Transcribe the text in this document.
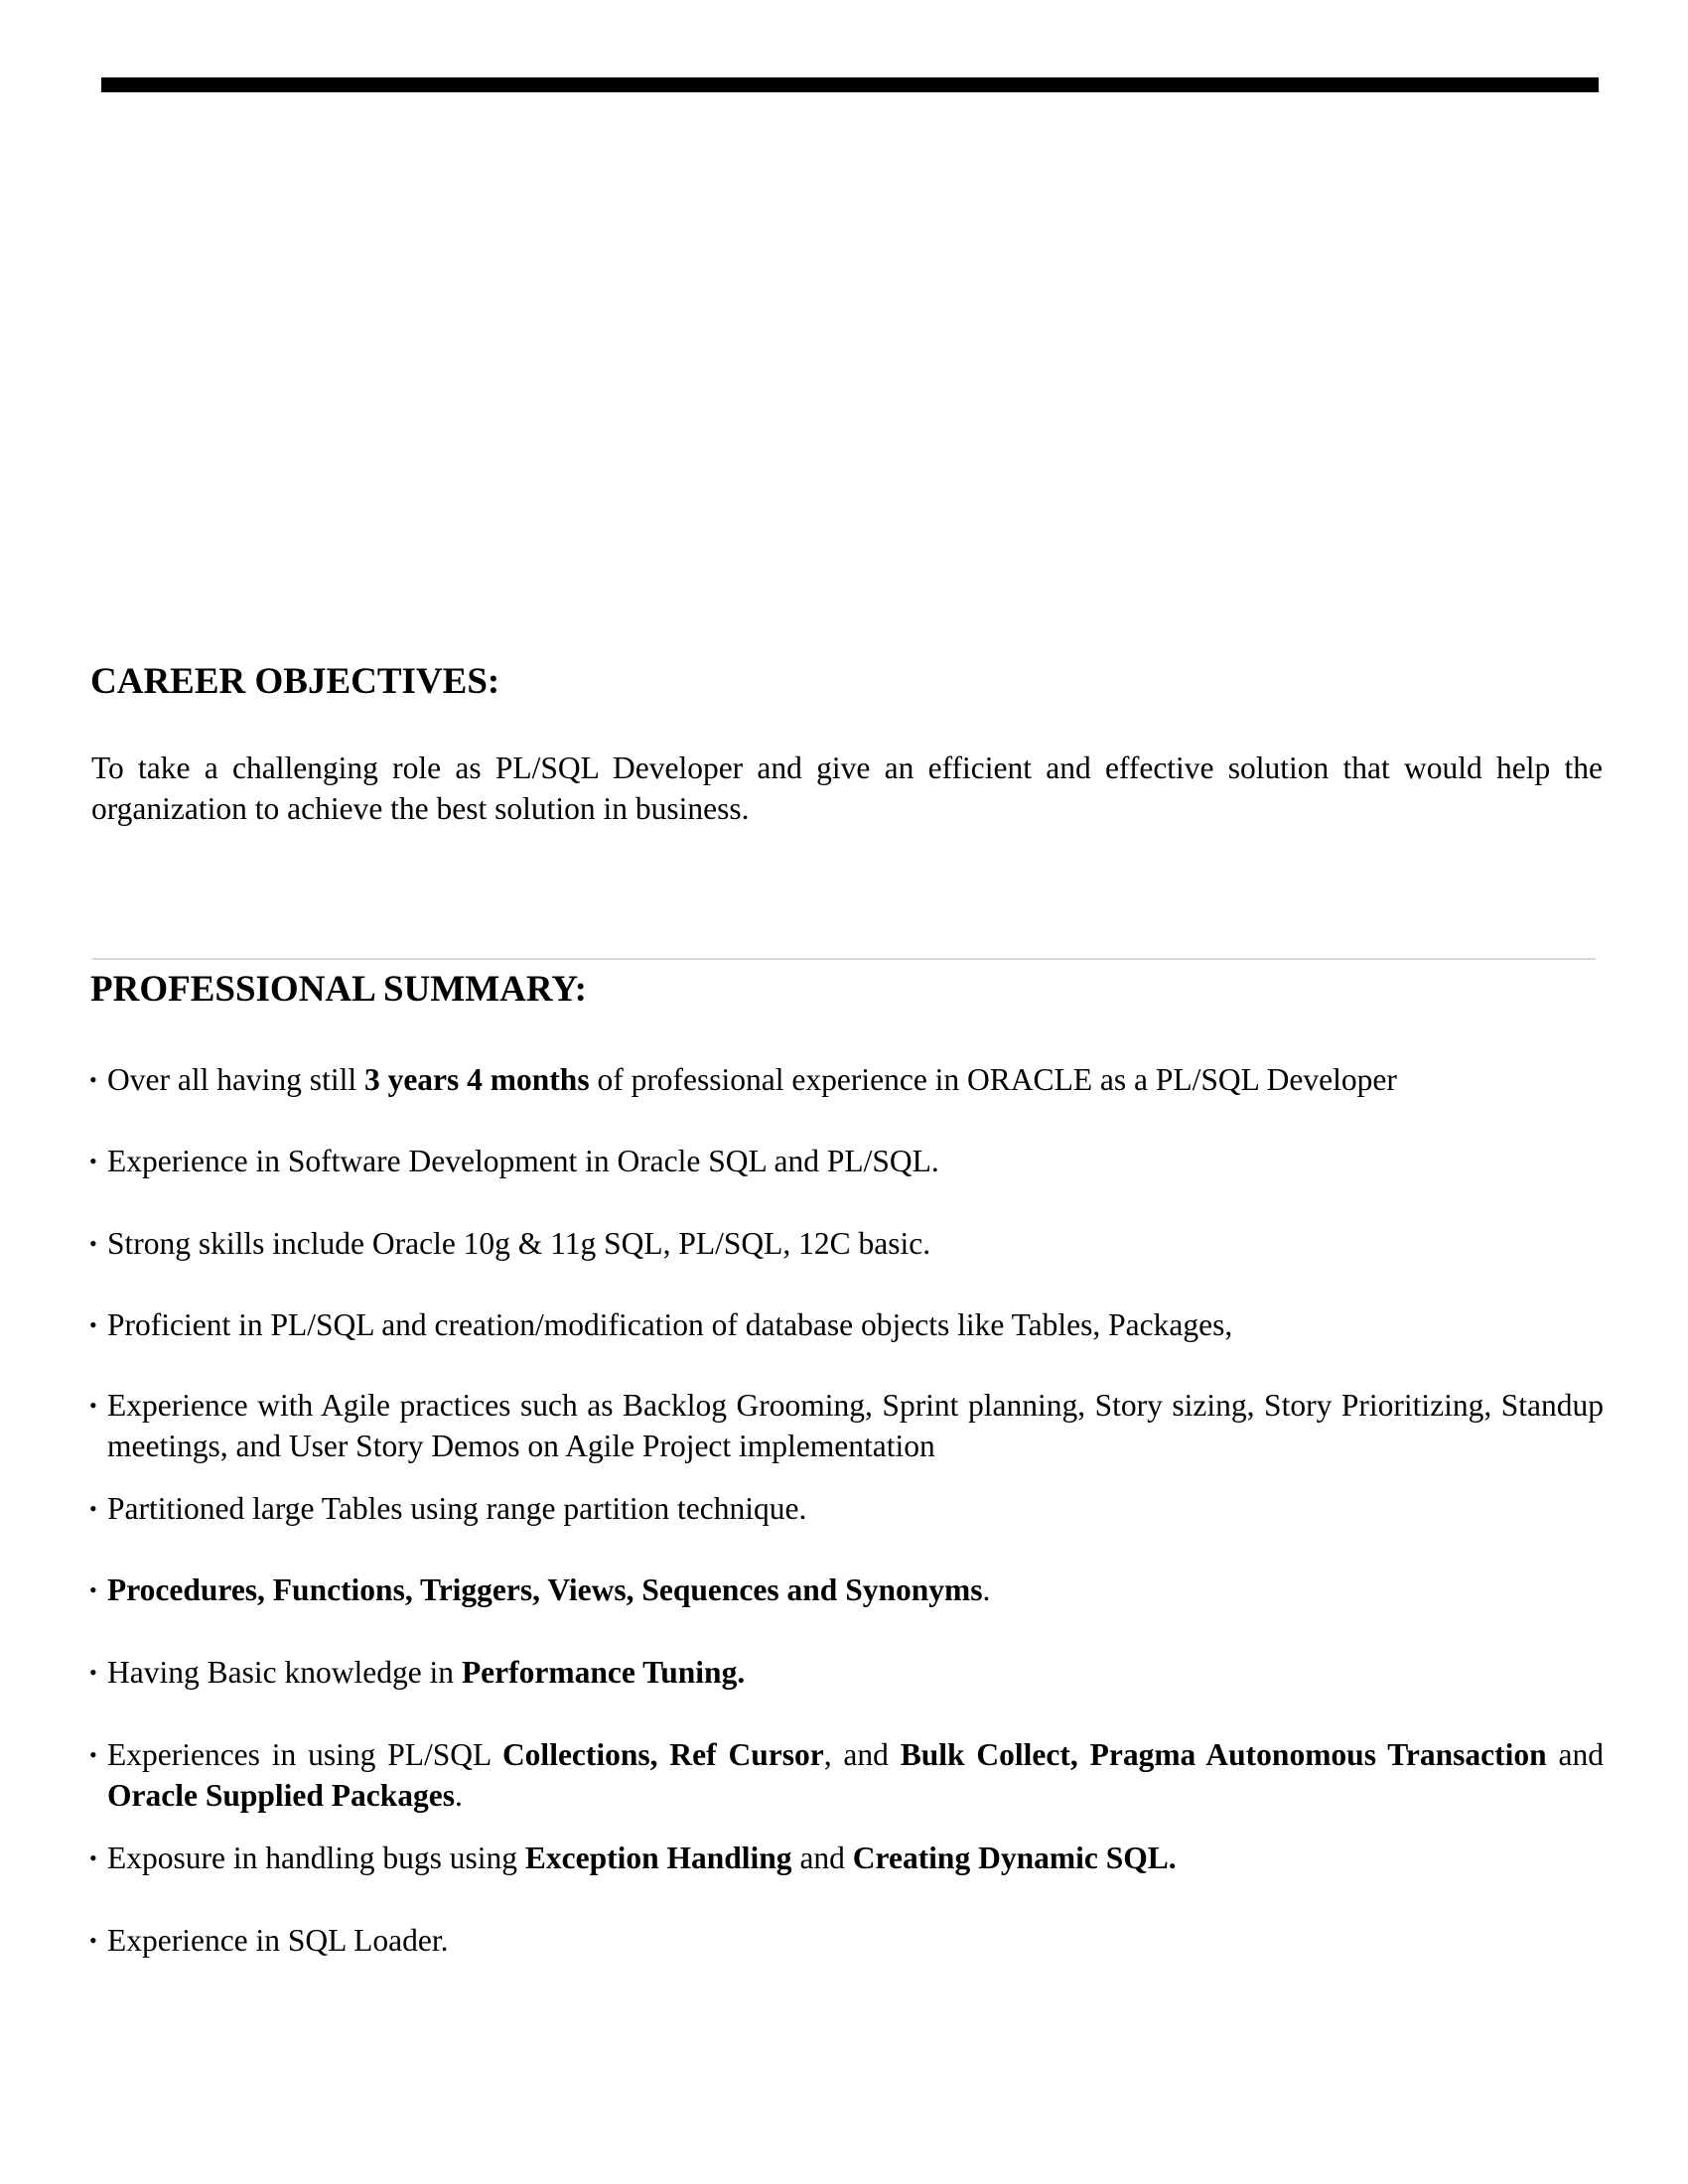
CAREER OBJECTIVES:

To take a challenging role as PL/SQL Developer and give an efficient and effective solution that would help the organization to achieve the best solution in business.

PROFESSIONAL SUMMARY:
• Over all having still 3 years 4 months of professional experience in ORACLE as a PL/SQL Developer
• Experience in Software Development in Oracle SQL and PL/SQL.
• Strong skills include Oracle 10g & 11g SQL, PL/SQL, 12C basic.
• Proficient in PL/SQL and creation/modification of database objects like Tables, Packages,
• Experience with Agile practices such as Backlog Grooming, Sprint planning, Story sizing, Story Prioritizing, Standup meetings, and User Story Demos on Agile Project implementation
• Partitioned large Tables using range partition technique.
• Procedures, Functions, Triggers, Views, Sequences and Synonyms.
• Having Basic knowledge in Performance Tuning.
• Experiences in using PL/SQL Collections, Ref Cursor, and Bulk Collect, Pragma Autonomous Transaction and Oracle Supplied Packages.
• Exposure in handling bugs using Exception Handling and Creating Dynamic SQL.
• Experience in SQL Loader.
